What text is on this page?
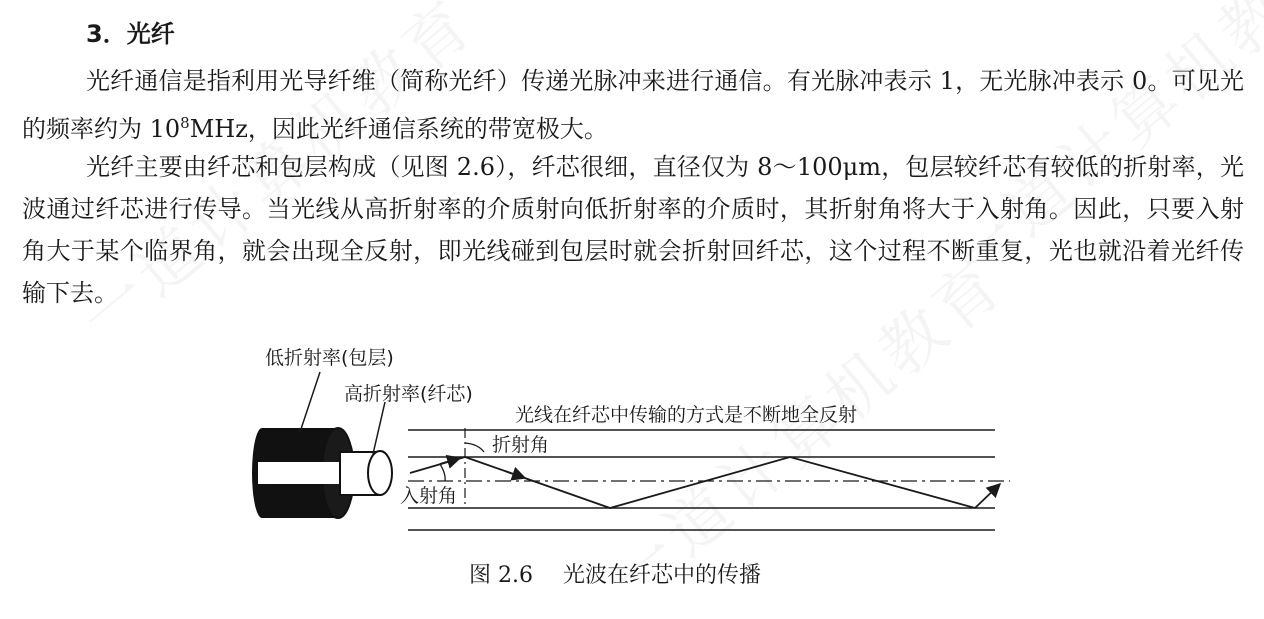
3．光纤

光纤通信是指利用光导纤维（简称光纤）传递光脉冲来进行通信。有光脉冲表示 1，无光脉冲表示 0。可见光的频率约为 $10^8MHz$，因此光纤通信系统的带宽极大。

光纤主要由纤芯和包层构成（见图 2.6），纤芯很细，直径仅为 8～100μm，包层较纤芯有较低的折射率，光波通过纤芯进行传导。当光线从高折射率的介质射向低折射率的介质时，其折射角将大于入射角。因此，只要入射角大于某个临界角，就会出现全反射，即光线碰到包层时就会折射回纤芯，这个过程不断重复，光也就沿着光纤传输下去。

低折射率(包层)
高折射率(纤芯)
光线在纤芯中传输的方式是不断地全反射
折射角
入射角
图 2.6 光波在纤芯中的传播
